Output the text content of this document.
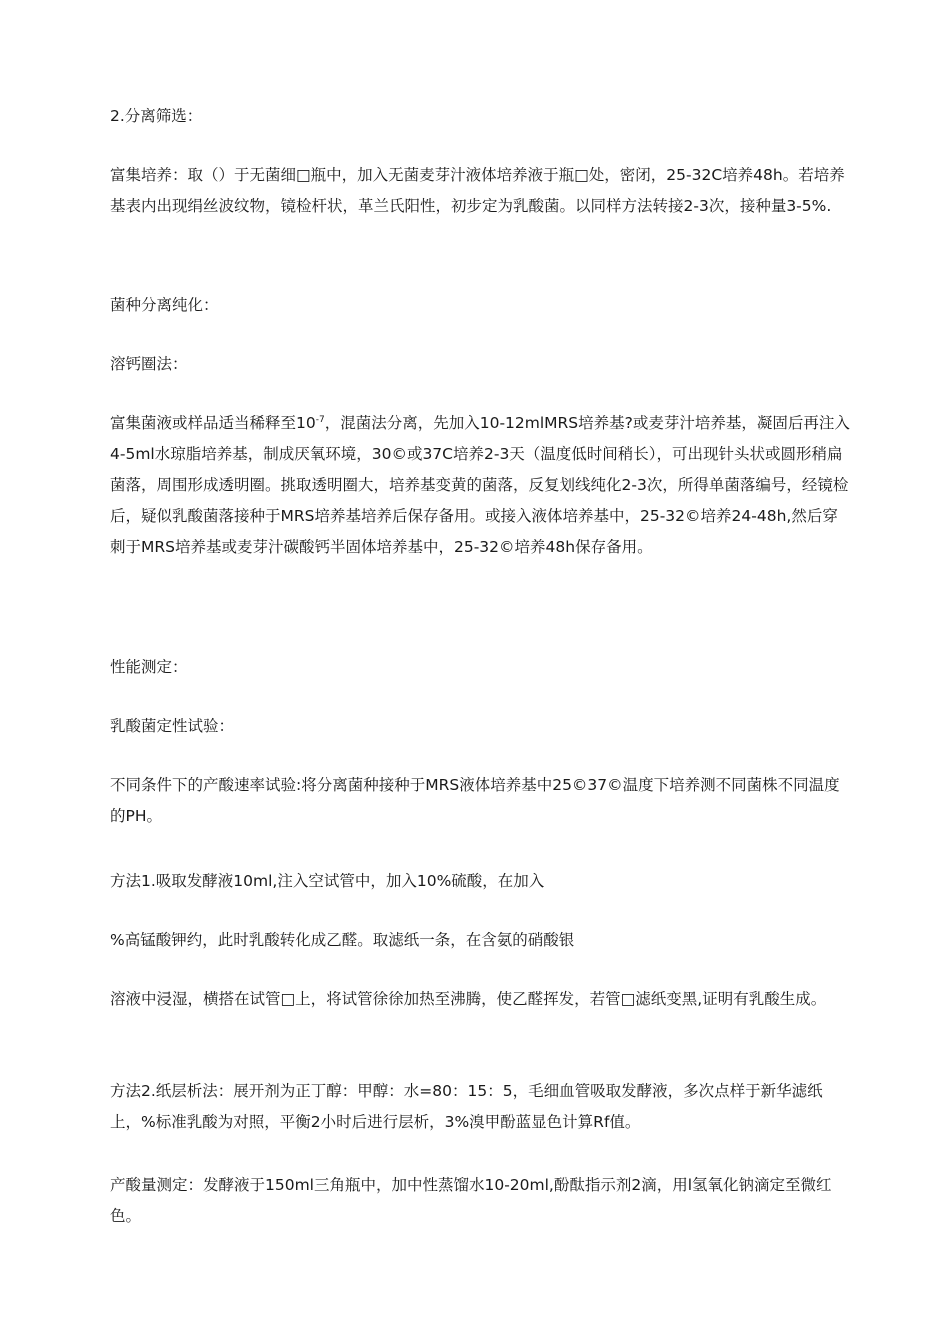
2.分离筛选：

富集培养：取（）于无菌细□瓶中，加入无菌麦芽汁液体培养液于瓶□处，密闭，25-32C培养48h。若培养基表内出现绢丝波纹物，镜检杆状，革兰氏阳性，初步定为乳酸菌。以同样方法转接2-3次，接种量3-5%.

菌种分离纯化：

溶钙圈法：

富集菌液或样品适当稀释至$10^{-7}$，混菌法分离，先加入10-12mlMRS培养基?或麦芽汁培养基，凝固后再注入4-5ml水琼脂培养基，制成厌氧环境，30©或37C培养2-3天（温度低时间稍长），可出现针头状或圆形稍扁菌落，周围形成透明圈。挑取透明圈大，培养基变黄的菌落，反复划线纯化2-3次，所得单菌落编号，经镜检后，疑似乳酸菌落接种于MRS培养基培养后保存备用。或接入液体培养基中，25-32©培养24-48h,然后穿刺于MRS培养基或麦芽汁碳酸钙半固体培养基中，25-32©培养48h保存备用。

性能测定：

乳酸菌定性试验：

不同条件下的产酸速率试验:将分离菌种接种于MRS液体培养基中25©37©温度下培养测不同菌株不同温度的PH。

方法1.吸取发酵液10ml,注入空试管中，加入10%硫酸，在加入

%高锰酸钾约，此时乳酸转化成乙醛。取滤纸一条，在含氨的硝酸银

溶液中浸湿，横搭在试管□上，将试管徐徐加热至沸腾，使乙醛挥发，若管□滤纸变黑,证明有乳酸生成。

方法2.纸层析法：展开剂为正丁醇：甲醇：水=80：15：5，毛细血管吸取发酵液，多次点样于新华滤纸上，%标准乳酸为对照，平衡2小时后进行层析，3%溴甲酚蓝显色计算Rf值。

产酸量测定：发酵液于150ml三角瓶中，加中性蒸馏水10-20ml,酚酞指示剂2滴，用l氢氧化钠滴定至微红色。
